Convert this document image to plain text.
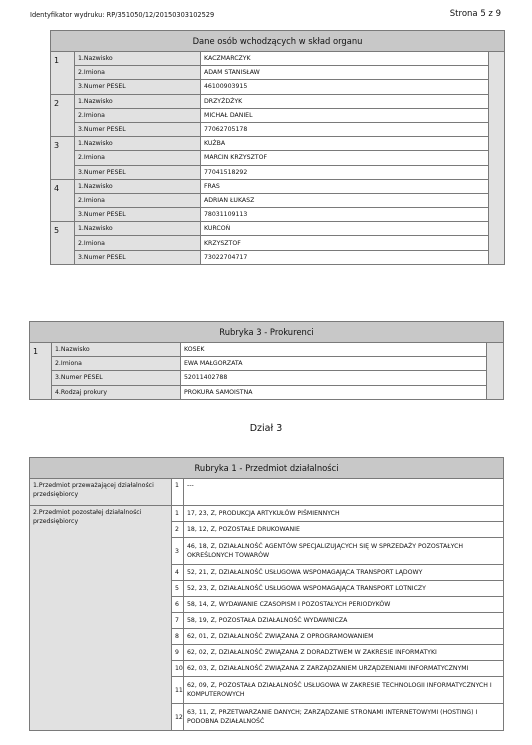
Identyfikator wydruku: RP/351050/12/20150303102529	Strona 5 z 9
Dane osób wchodzących w skład organu			
1	1.Nazwisko	KACZMARCZYK	
	2.Imiona	ADAM STANISŁAW	
	3.Numer PESEL	46100903915	
2	1.Nazwisko	DRZYŻDŻYK	
	2.Imiona	MICHAŁ DANIEL	
	3.Numer PESEL	77062705178	
3	1.Nazwisko	KUŹBA	
	2.Imiona	MARCIN KRZYSZTOF	
	3.Numer PESEL	77041518292	
4	1.Nazwisko	FRAS	
	2.Imiona	ADRIAN ŁUKASZ	
	3.Numer PESEL	78031109113	
5	1.Nazwisko	KURCOŃ	
	2.Imiona	KRZYSZTOF	
	3.Numer PESEL	73022704717	
Rubryka 3 - Prokurenci			
1	1.Nazwisko	KOSEK	
	2.Imiona	EWA MAŁGORZATA	
	3.Numer PESEL	52011402788	
	4.Rodzaj prokury	PROKURA SAMOISTNA	
Dział 3
Rubryka 1 - Przedmiot działalności		
1.Przedmiot przeważającej działalności przedsiębiorcy	1	---
2.Przedmiot pozostałej działalności przedsiębiorcy	1	17, 23, Z, PRODUKCJA ARTYKUŁÓW PIŚMIENNYCH
	2	18, 12, Z, POZOSTAŁE DRUKOWANIE
	3	46, 18, Z, DZIAŁALNOŚĆ AGENTÓW SPECJALIZUJĄCYCH SIĘ W SPRZEDAŻY POZOSTAŁYCH OKREŚLONYCH TOWARÓW
	4	52, 21, Z, DZIAŁALNOŚĆ USŁUGOWA WSPOMAGAJĄCA TRANSPORT LĄDOWY
	5	52, 23, Z, DZIAŁALNOŚĆ USŁUGOWA WSPOMAGAJĄCA TRANSPORT LOTNICZY
	6	58, 14, Z, WYDAWANIE CZASOPISM I POZOSTAŁYCH PERIODYKÓW
	7	58, 19, Z, POZOSTAŁA DZIAŁALNOŚĆ WYDAWNICZA
	8	62, 01, Z, DZIAŁALNOŚĆ ZWIĄZANA Z OPROGRAMOWANIEM
	9	62, 02, Z, DZIAŁALNOŚĆ ZWIĄZANA Z DORADZTWEM W ZAKRESIE INFORMATYKI
	10	62, 03, Z, DZIAŁALNOŚĆ ZWIĄZANA Z ZARZĄDZANIEM URZĄDZENIAMI INFORMATYCZNYMI
	11	62, 09, Z, POZOSTAŁA DZIAŁALNOŚĆ USŁUGOWA W ZAKRESIE TECHNOLOGII INFORMATYCZNYCH I KOMPUTEROWYCH
	12	63, 11, Z, PRZETWARZANIE DANYCH; ZARZĄDZANIE STRONAMI INTERNETOWYMI (HOSTING) I PODOBNA DZIAŁALNOŚĆ
